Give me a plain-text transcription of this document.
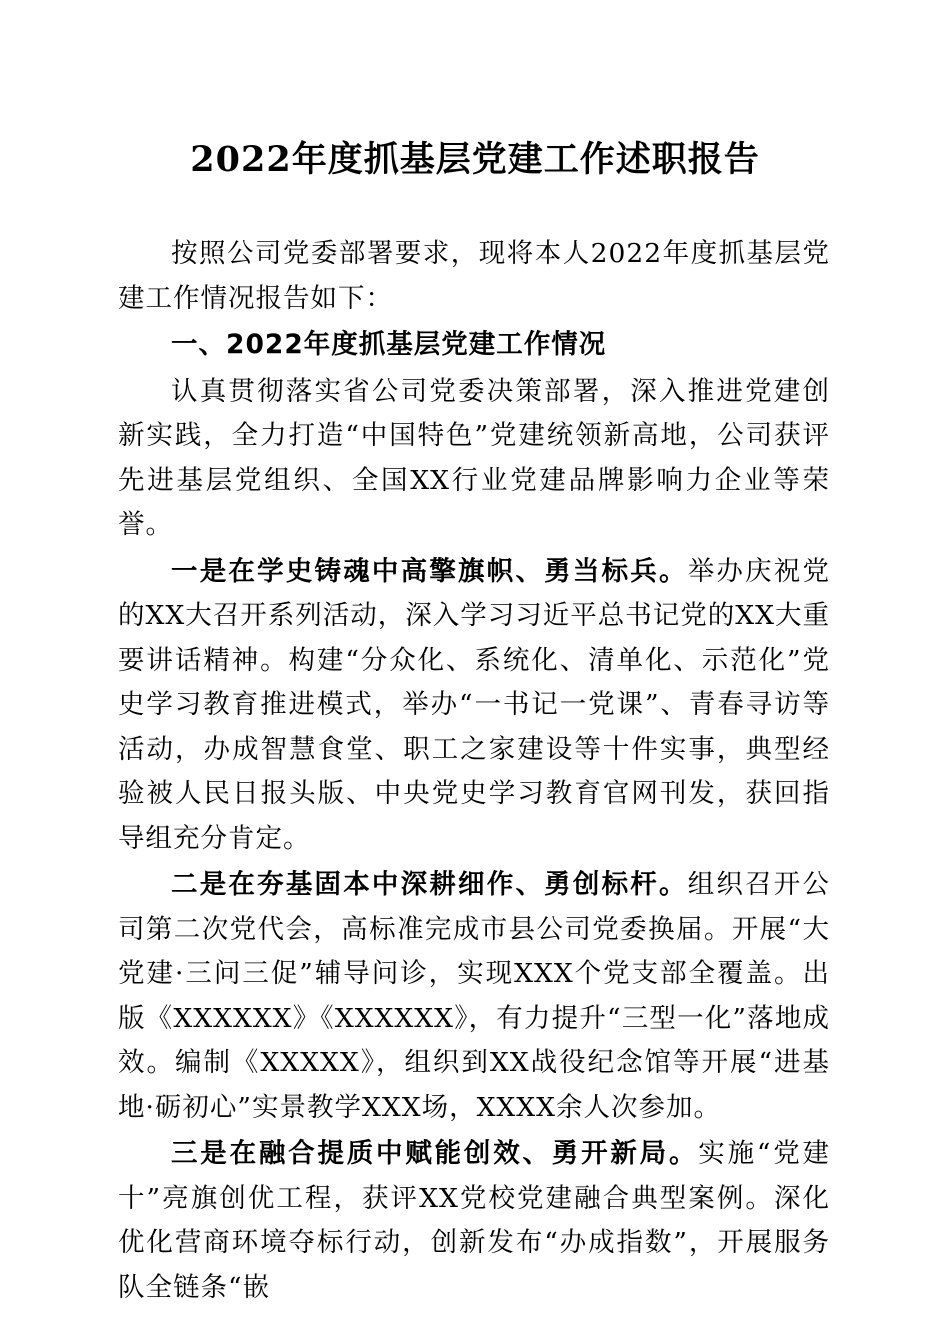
2022年度抓基层党建工作述职报告

按照公司党委部署要求，现将本人2022年度抓基层党建工作情况报告如下：

一、2022年度抓基层党建工作情况

认真贯彻落实省公司党委决策部署，深入推进党建创新实践，全力打造“中国特色”党建统领新高地，公司获评先进基层党组织、全国XX行业党建品牌影响力企业等荣誉。

一是在学史铸魂中高擎旗帜、勇当标兵。举办庆祝党的XX大召开系列活动，深入学习习近平总书记党的XX大重要讲话精神。构建“分众化、系统化、清单化、示范化”党史学习教育推进模式，举办“一书记一党课”、青春寻访等活动，办成智慧食堂、职工之家建设等十件实事，典型经验被人民日报头版、中央党史学习教育官网刊发，获回指导组充分肯定。

二是在夯基固本中深耕细作、勇创标杆。组织召开公司第二次党代会，高标准完成市县公司党委换届。开展“大党建·三问三促”辅导问诊，实现XXX个党支部全覆盖。出版《XXXXXX》《XXXXXX》，有力提升“三型一化”落地成效。编制《XXXXX》，组织到XX战役纪念馆等开展“进基地·砺初心”实景教学XXX场，XXXX余人次参加。

三是在融合提质中赋能创效、勇开新局。实施“党建十”亮旗创优工程，获评XX党校党建融合典型案例。深化优化营商环境夺标行动，创新发布“办成指数”，开展服务队全链条“嵌
